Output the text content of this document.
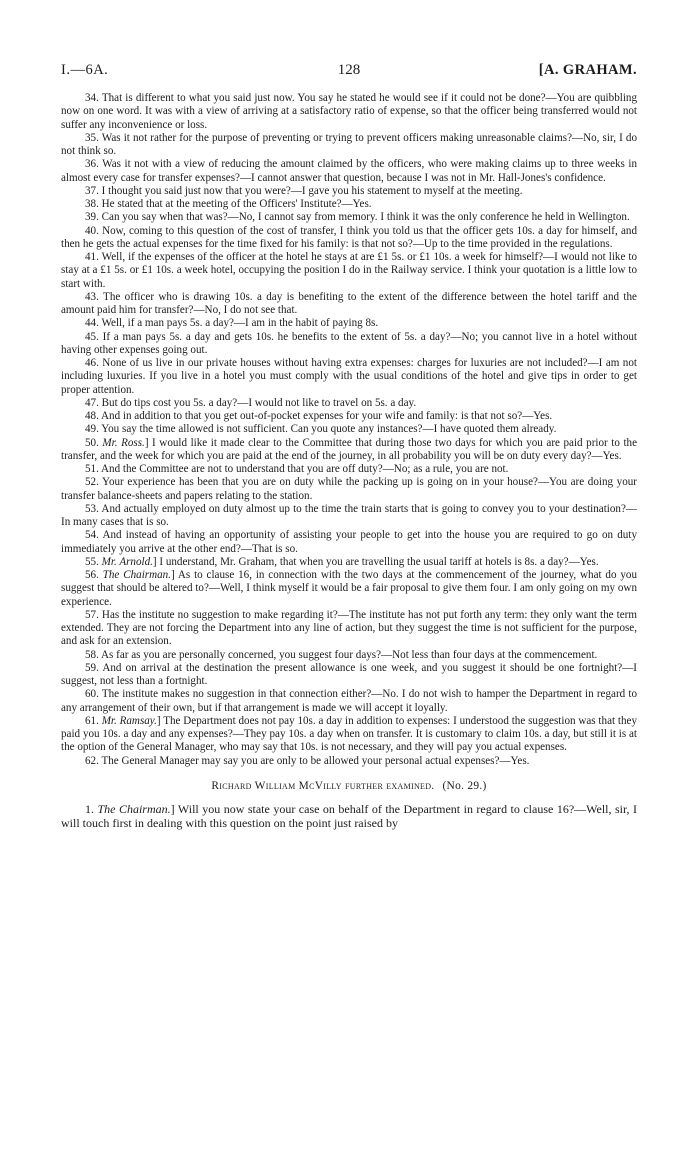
I.—6A.	128	[A. GRAHAM.

34. That is different to what you said just now. You say he stated he would see if it could not be done?—You are quibbling now on one word. It was with a view of arriving at a satisfactory ratio of expense, so that the officer being transferred would not suffer any inconvenience or loss.

35. Was it not rather for the purpose of preventing or trying to prevent officers making unreasonable claims?—No, sir, I do not think so.

36. Was it not with a view of reducing the amount claimed by the officers, who were making claims up to three weeks in almost every case for transfer expenses?—I cannot answer that question, because I was not in Mr. Hall-Jones's confidence.

37. I thought you said just now that you were?—I gave you his statement to myself at the meeting.

38. He stated that at the meeting of the Officers' Institute?—Yes.

39. Can you say when that was?—No, I cannot say from memory. I think it was the only conference he held in Wellington.

40. Now, coming to this question of the cost of transfer, I think you told us that the officer gets 10s. a day for himself, and then he gets the actual expenses for the time fixed for his family: is that not so?—Up to the time provided in the regulations.

41. Well, if the expenses of the officer at the hotel he stays at are £1 5s. or £1 10s. a week for himself?—I would not like to stay at a £1 5s. or £1 10s. a week hotel, occupying the position I do in the Railway service. I think your quotation is a little low to start with.

43. The officer who is drawing 10s. a day is benefiting to the extent of the difference between the hotel tariff and the amount paid him for transfer?—No, I do not see that.

44. Well, if a man pays 5s. a day?—I am in the habit of paying 8s.

45. If a man pays 5s. a day and gets 10s. he benefits to the extent of 5s. a day?—No; you cannot live in a hotel without having other expenses going out.

46. None of us live in our private houses without having extra expenses: charges for luxuries are not included?—I am not including luxuries. If you live in a hotel you must comply with the usual conditions of the hotel and give tips in order to get proper attention.

47. But do tips cost you 5s. a day?—I would not like to travel on 5s. a day.

48. And in addition to that you get out-of-pocket expenses for your wife and family: is that not so?—Yes.

49. You say the time allowed is not sufficient. Can you quote any instances?—I have quoted them already.

50. Mr. Ross.] I would like it made clear to the Committee that during those two days for which you are paid prior to the transfer, and the week for which you are paid at the end of the journey, in all probability you will be on duty every day?—Yes.

51. And the Committee are not to understand that you are off duty?—No; as a rule, you are not.

52. Your experience has been that you are on duty while the packing up is going on in your house?—You are doing your transfer balance-sheets and papers relating to the station.

53. And actually employed on duty almost up to the time the train starts that is going to convey you to your destination?—In many cases that is so.

54. And instead of having an opportunity of assisting your people to get into the house you are required to go on duty immediately you arrive at the other end?—That is so.

55. Mr. Arnold.] I understand, Mr. Graham, that when you are travelling the usual tariff at hotels is 8s. a day?—Yes.

56. The Chairman.] As to clause 16, in connection with the two days at the commencement of the journey, what do you suggest that should be altered to?—Well, I think myself it would be a fair proposal to give them four. I am only going on my own experience.

57. Has the institute no suggestion to make regarding it?—The institute has not put forth any term: they only want the term extended. They are not forcing the Department into any line of action, but they suggest the time is not sufficient for the purpose, and ask for an extension.

58. As far as you are personally concerned, you suggest four days?—Not less than four days at the commencement.

59. And on arrival at the destination the present allowance is one week, and you suggest it should be one fortnight?—I suggest, not less than a fortnight.

60. The institute makes no suggestion in that connection either?—No. I do not wish to hamper the Department in regard to any arrangement of their own, but if that arrangement is made we will accept it loyally.

61. Mr. Ramsay.] The Department does not pay 10s. a day in addition to expenses: I understood the suggestion was that they paid you 10s. a day and any expenses?—They pay 10s. a day when on transfer. It is customary to claim 10s. a day, but still it is at the option of the General Manager, who may say that 10s. is not necessary, and they will pay you actual expenses.

62. The General Manager may say you are only to be allowed your personal actual expenses?—Yes.

Richard William McVilly further examined. (No. 29.)

1. The Chairman.] Will you now state your case on behalf of the Department in regard to clause 16?—Well, sir, I will touch first in dealing with this question on the point just raised by
